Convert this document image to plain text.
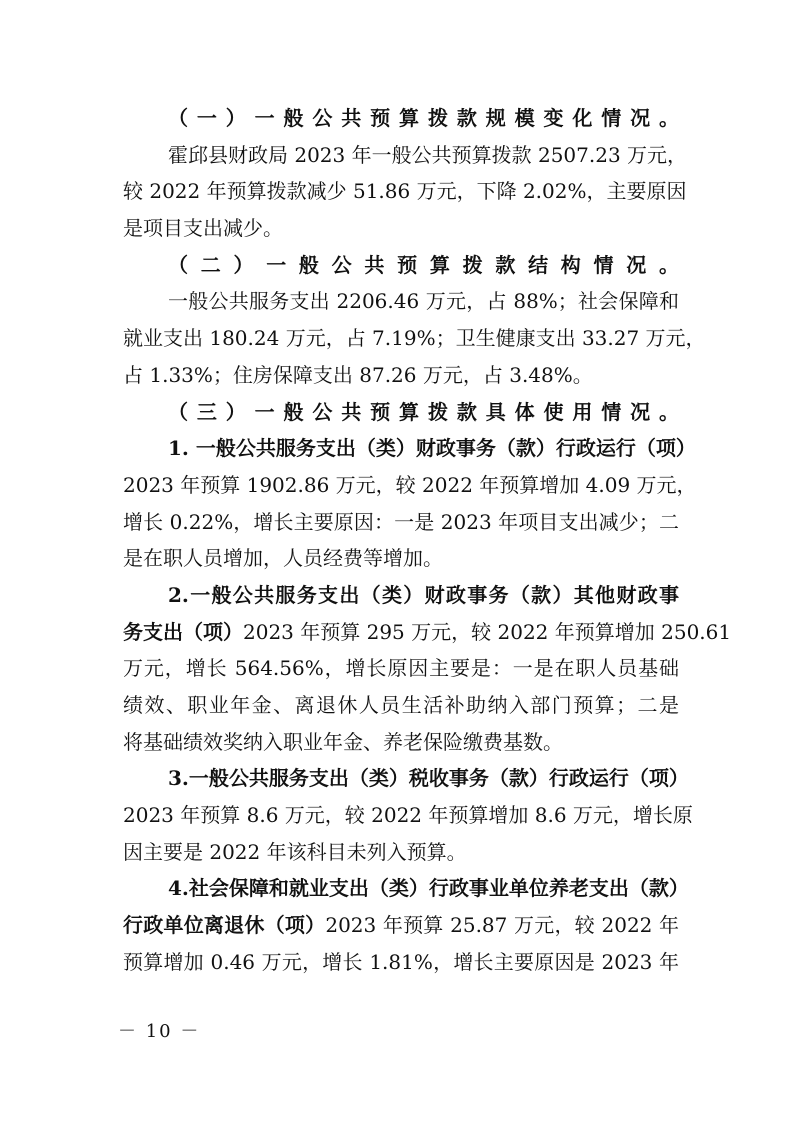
（一）一般公共预算拨款规模变化情况。
霍邱县财政局 2023 年一般公共预算拨款 2507.23 万元，
较 2022 年预算拨款减少 51.86 万元，下降 2.02%，主要原因
是项目支出减少。
（二）一般公共预算拨款结构情况。
一般公共服务支出 2206.46 万元，占 88%；社会保障和
就业支出 180.24 万元，占 7.19%；卫生健康支出 33.27 万元，
占 1.33%；住房保障支出 87.26 万元，占 3.48%。
（三）一般公共预算拨款具体使用情况。
1. 一般公共服务支出（类）财政事务（款）行政运行（项）
2023 年预算 1902.86 万元，较 2022 年预算增加 4.09 万元，
增长 0.22%，增长主要原因：一是 2023 年项目支出减少；二
是在职人员增加，人员经费等增加。
2.一般公共服务支出（类）财政事务（款）其他财政事
务支出（项）2023 年预算 295 万元，较 2022 年预算增加 250.61
万元，增长 564.56%，增长原因主要是：一是在职人员基础
绩效、职业年金、离退休人员生活补助纳入部门预算；二是
将基础绩效奖纳入职业年金、养老保险缴费基数。
3.一般公共服务支出（类）税收事务（款）行政运行（项）
2023 年预算 8.6 万元，较 2022 年预算增加 8.6 万元，增长原
因主要是 2022 年该科目未列入预算。
4.社会保障和就业支出（类）行政事业单位养老支出（款）
行政单位离退休（项）2023 年预算 25.87 万元，较 2022 年
预算增加 0.46 万元，增长 1.81%，增长主要原因是 2023 年
－ 10 －
